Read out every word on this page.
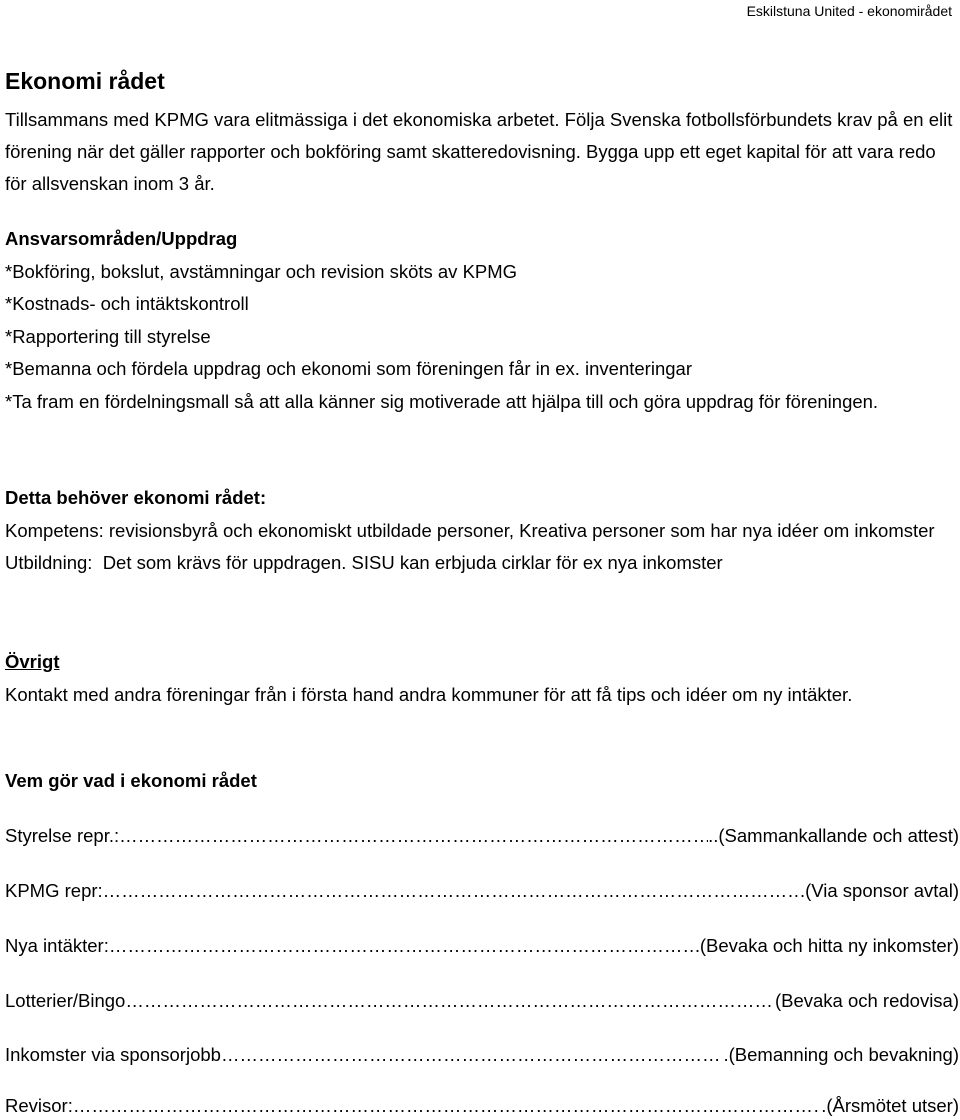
Eskilstuna United - ekonomirådet
Ekonomi rådet

Tillsammans med KPMG vara elitmässiga i det ekonomiska arbetet. Följa Svenska fotbollsförbundets krav på en elit förening när det gäller rapporter och bokföring samt skatteredovisning. Bygga upp ett eget kapital för att vara redo för allsvenskan inom 3 år.

Ansvarsområden/Uppdrag

*Bokföring, bokslut, avstämningar och revision sköts av KPMG

*Kostnads- och intäktskontroll

*Rapportering till styrelse

*Bemanna och fördela uppdrag och ekonomi som föreningen får in ex. inventeringar

*Ta fram en fördelningsmall så att alla känner sig motiverade att hjälpa till och göra uppdrag för föreningen.

Detta behöver ekonomi rådet:

Kompetens: revisionsbyrå och ekonomiskt utbildade personer, Kreativa personer som har nya idéer om inkomster

Utbildning:  Det som krävs för uppdragen. SISU kan erbjuda cirklar för ex nya inkomster

Övrigt

Kontakt med andra föreningar från i första hand andra kommuner för att få tips och idéer om ny intäkter.

Vem gör vad i ekonomi rådet

Styrelse repr.: …………………………………………………………………………………………………………………………………………	..(Sammankallande och attest)
KPMG repr: …………………………………………………………………………………………………………………………………………	.(Via sponsor avtal)
Nya intäkter: …………………………………………………………………………………………………………………………………………	(Bevaka och hitta ny inkomster)
Lotterier/Bingo …………………………………………………………………………………………………………………………………………	(Bevaka och redovisa)
Inkomster via sponsorjobb …………………………………………………………………………………………………………………………………………	.(Bemanning och bevakning)
Revisor: …………………………………………………………………………………………………………………………………………	.(Årsmötet utser)
